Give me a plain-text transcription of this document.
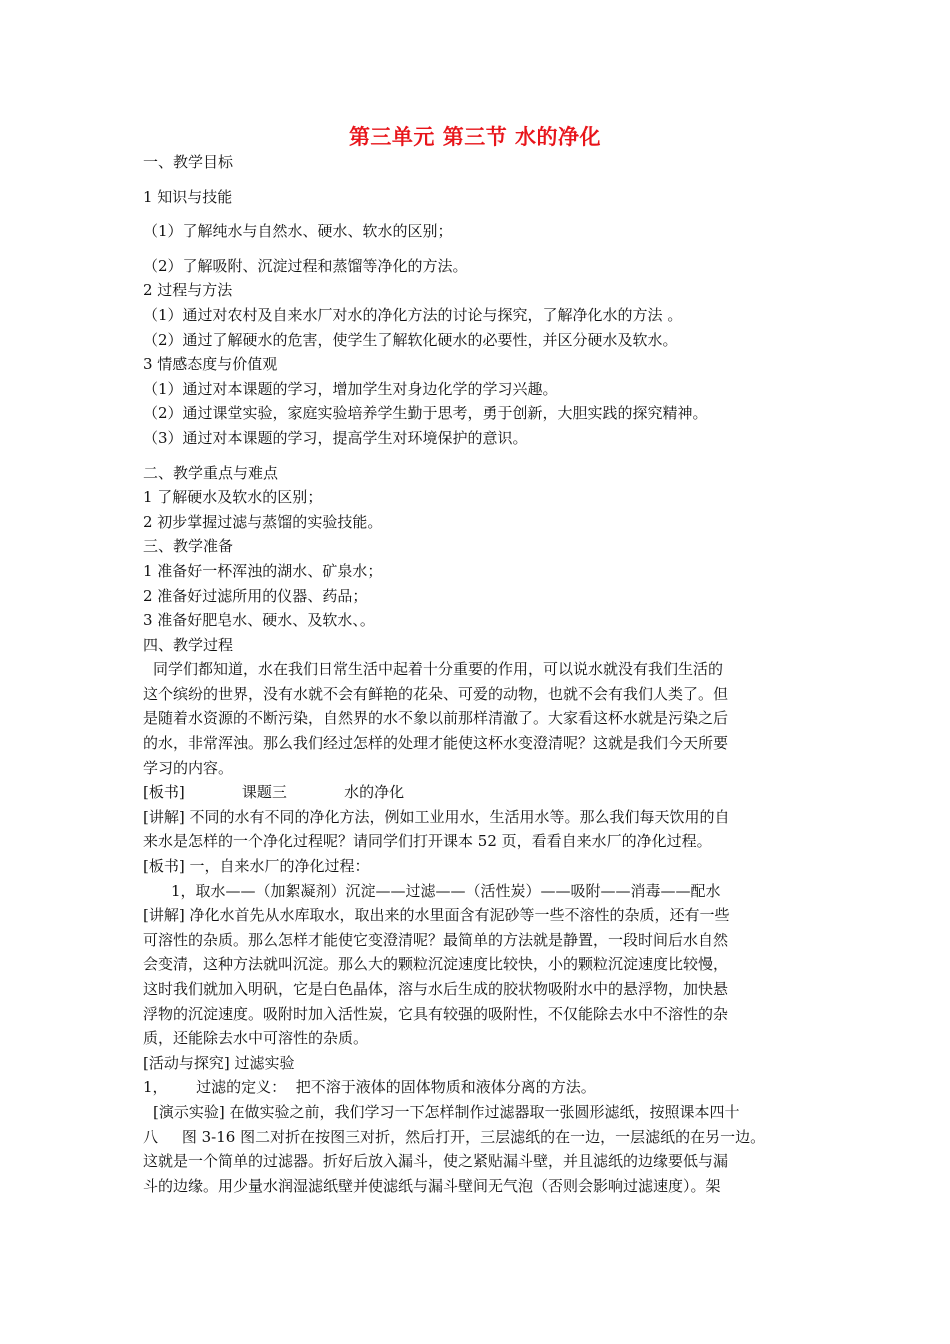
第三单元 第三节 水的净化

一、教学目标

1 知识与技能

（1）了解纯水与自然水、硬水、软水的区别；

（2）了解吸附、沉淀过程和蒸馏等净化的方法。

2 过程与方法

（1）通过对农村及自来水厂对水的净化方法的讨论与探究，了解净化水的方法 。

（2）通过了解硬水的危害，使学生了解软化硬水的必要性，并区分硬水及软水。

3 情感态度与价值观

（1）通过对本课题的学习，增加学生对身边化学的学习兴趣。

（2）通过课堂实验，家庭实验培养学生勤于思考，勇于创新，大胆实践的探究精神。

（3）通过对本课题的学习，提高学生对环境保护的意识。

二、教学重点与难点

1 了解硬水及软水的区别；

2 初步掌握过滤与蒸馏的实验技能。

三、教学准备

1 准备好一杯浑浊的湖水、矿泉水；

2 准备好过滤所用的仪器、药品；

3 准备好肥皂水、硬水、及软水、。

四、教学过程

同学们都知道，水在我们日常生活中起着十分重要的作用，可以说水就没有我们生活的

这个缤纷的世界，没有水就不会有鲜艳的花朵、可爱的动物，也就不会有我们人类了。但

是随着水资源的不断污染，自然界的水不象以前那样清澈了。大家看这杯水就是污染之后

的水，非常浑浊。那么我们经过怎样的处理才能使这杯水变澄清呢？这就是我们今天所要

学习的内容。

[板书]            课题三            水的净化

[讲解] 不同的水有不同的净化方法，例如工业用水，生活用水等。那么我们每天饮用的自

来水是怎样的一个净化过程呢？请同学们打开课本 52 页，看看自来水厂的净化过程。

[板书] 一，自来水厂的净化过程：

1，取水——（加絮凝剂）沉淀——过滤——（活性炭）——吸附——消毒——配水

[讲解] 净化水首先从水库取水，取出来的水里面含有泥砂等一些不溶性的杂质，还有一些

可溶性的杂质。那么怎样才能使它变澄清呢？最简单的方法就是静置，一段时间后水自然

会变清，这种方法就叫沉淀。那么大的颗粒沉淀速度比较快，小的颗粒沉淀速度比较慢，

这时我们就加入明矾，它是白色晶体，溶与水后生成的胶状物吸附水中的悬浮物，加快悬

浮物的沉淀速度。吸附时加入活性炭，它具有较强的吸附性，不仅能除去水中不溶性的杂

质，还能除去水中可溶性的杂质。

[活动与探究] 过滤实验

1，      过滤的定义：  把不溶于液体的固体物质和液体分离的方法。

[演示实验] 在做实验之前，我们学习一下怎样制作过滤器取一张圆形滤纸，按照课本四十

八     图 3-16 图二对折在按图三对折，然后打开，三层滤纸的在一边，一层滤纸的在另一边。

这就是一个简单的过滤器。折好后放入漏斗，使之紧贴漏斗壁，并且滤纸的边缘要低与漏

斗的边缘。用少量水润湿滤纸壁并使滤纸与漏斗壁间无气泡（否则会影响过滤速度）。架
